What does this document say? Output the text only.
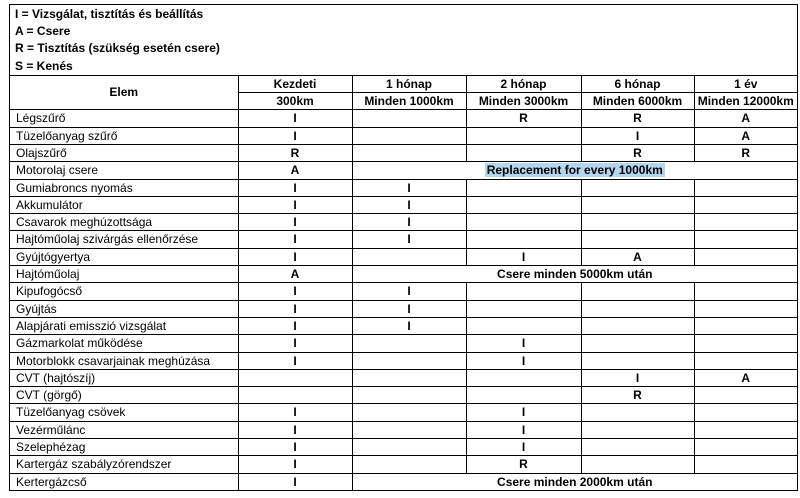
I = Vizsgálat, tisztítás és beállítás
A = Csere
R = Tisztítás (szükség esetén csere)
S = Kenés
Elem	Kezdeti	1 hónap	2 hónap	6 hónap	1 év
	300km	Minden 1000km	Minden 3000km	Minden 6000km	Minden 12000km
Légszűrő	I		R	R	A
Tüzelőanyag szűrő	I			I	A
Olajszűrő	R			R	R
Motorolaj csere	A	Replacement for every 1000km			
Gumiabroncs nyomás	I	I			
Akkumulátor	I	I			
Csavarok meghúzottsága	I	I			
Hajtóműolaj szivárgás ellenőrzése	I	I			
Gyújtógyertya	I		I	A	
Hajtóműolaj	A	Csere minden 5000km után			
Kipufogócső	I	I			
Gyújtás	I	I			
Alapjárati emisszió vizsgálat	I	I			
Gázmarkolat működése	I		I		
Motorblokk csavarjainak meghúzása	I		I		
CVT (hajtószíj)				I	A
CVT (görgő)				R	
Tüzelőanyag csövek	I		I		
Vezérműlánc	I		I		
Szelephézag	I		I		
Kartergáz szabályzórendszer	I		R		
Kertergázcső	I	Csere minden 2000km után			
